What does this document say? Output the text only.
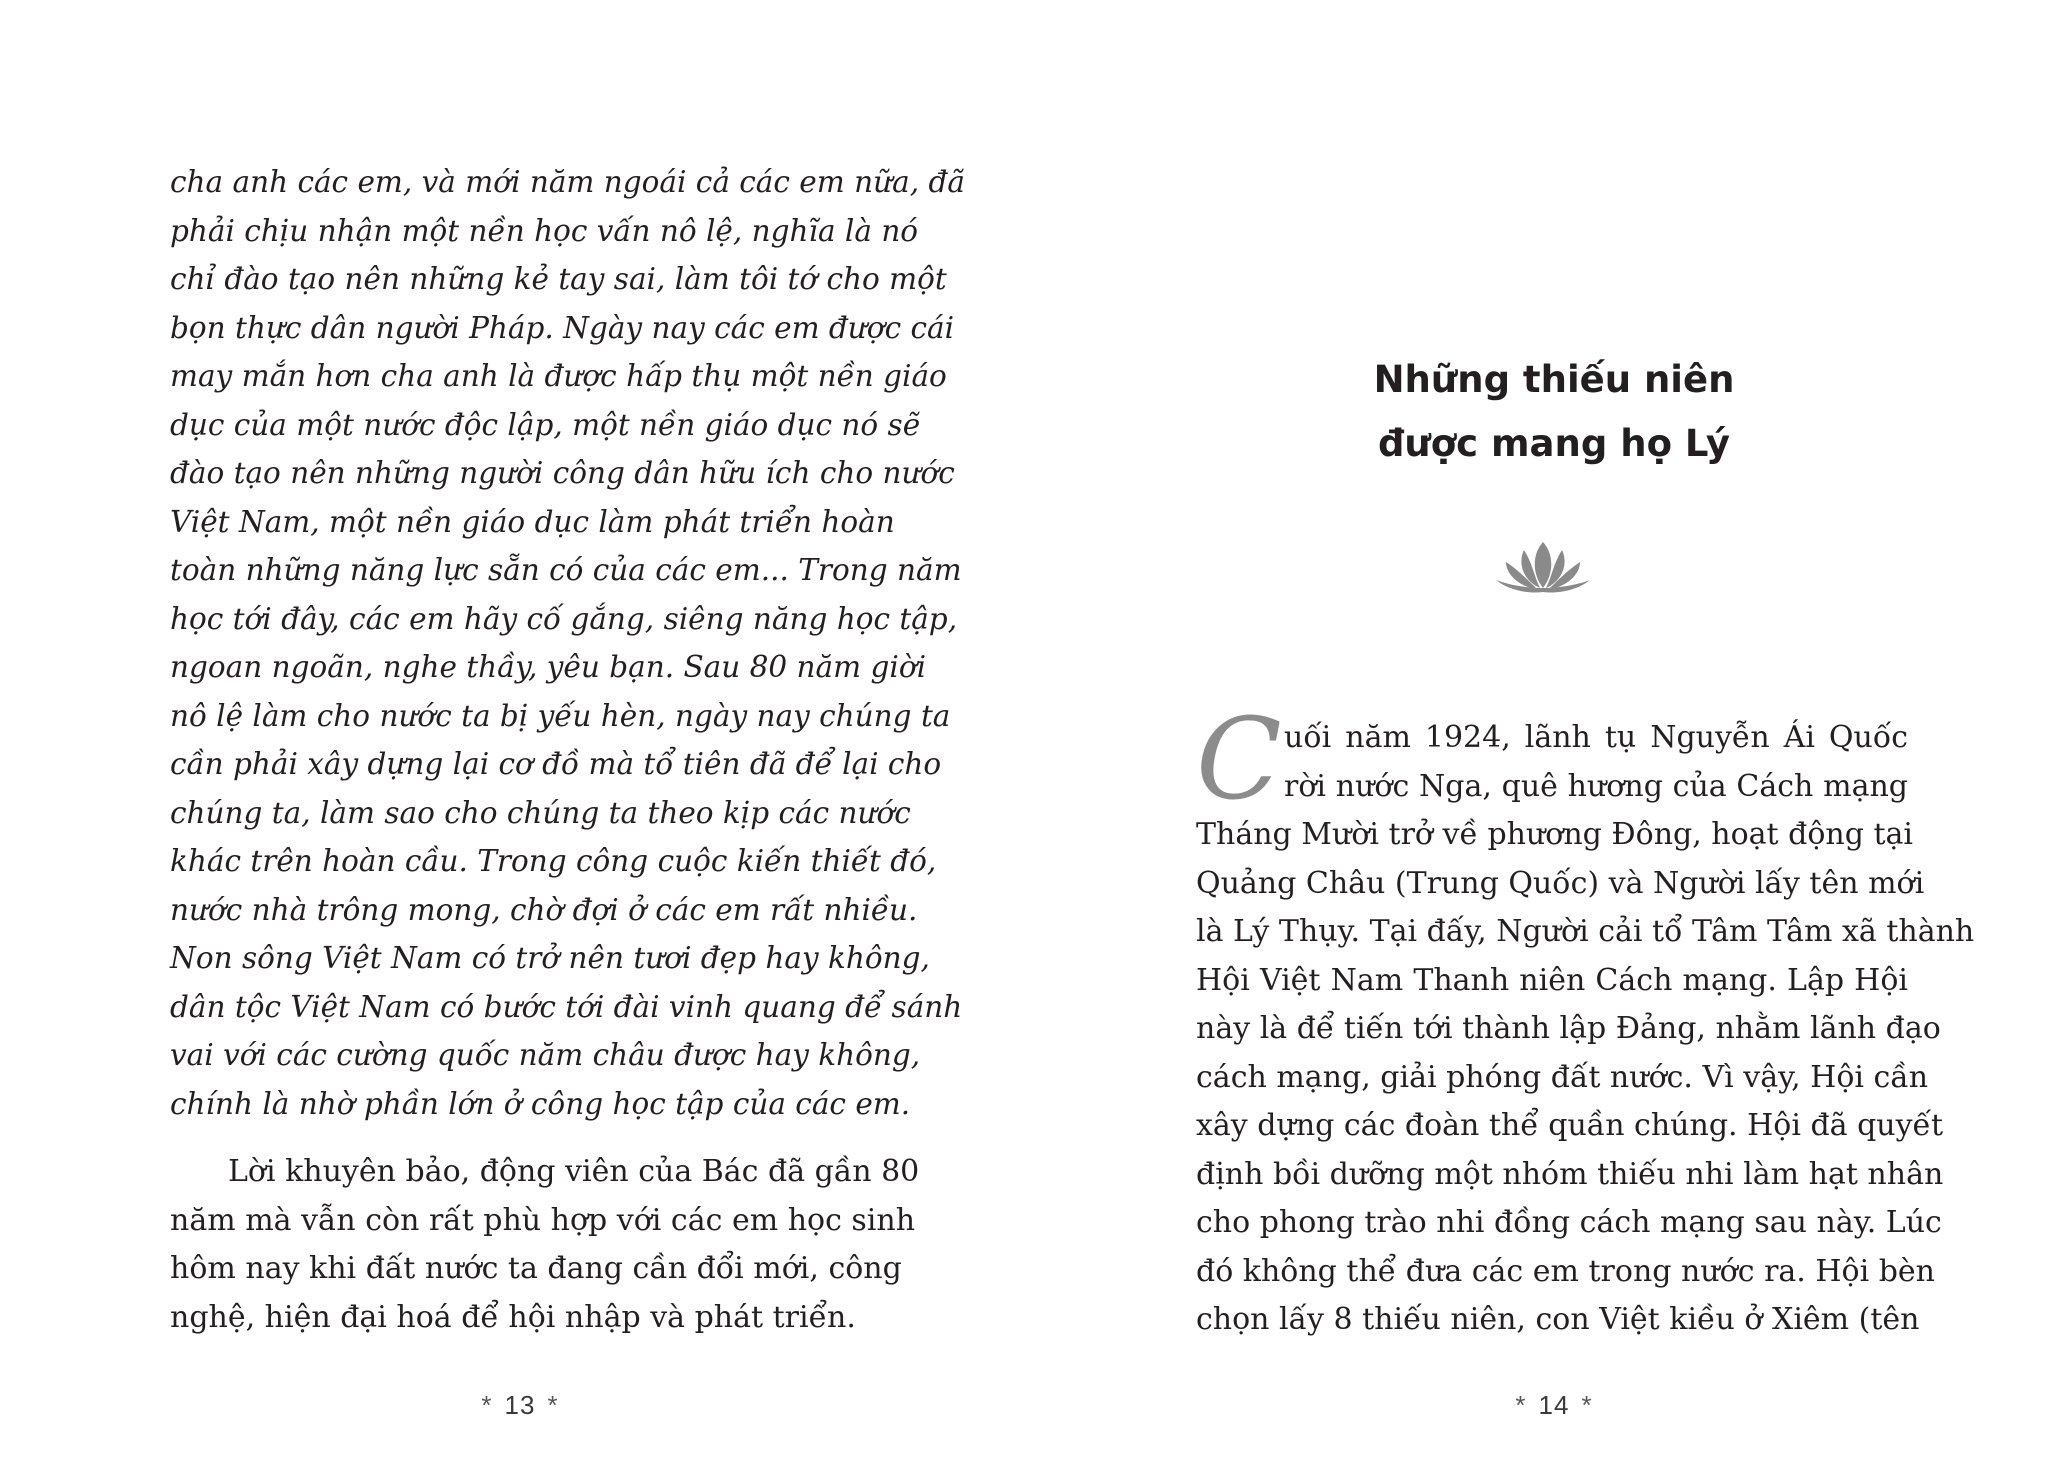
cha anh các em, và mới năm ngoái cả các em nữa, đã
phải chịu nhận một nền học vấn nô lệ, nghĩa là nó
chỉ đào tạo nên những kẻ tay sai, làm tôi tớ cho một
bọn thực dân người Pháp. Ngày nay các em được cái
may mắn hơn cha anh là được hấp thụ một nền giáo
dục của một nước độc lập, một nền giáo dục nó sẽ
đào tạo nên những người công dân hữu ích cho nước
Việt Nam, một nền giáo dục làm phát triển hoàn
toàn những năng lực sẵn có của các em... Trong năm
học tới đây, các em hãy cố gắng, siêng năng học tập,
ngoan ngoãn, nghe thầy, yêu bạn. Sau 80 năm giời
nô lệ làm cho nước ta bị yếu hèn, ngày nay chúng ta
cần phải xây dựng lại cơ đồ mà tổ tiên đã để lại cho
chúng ta, làm sao cho chúng ta theo kịp các nước
khác trên hoàn cầu. Trong công cuộc kiến thiết đó,
nước nhà trông mong, chờ đợi ở các em rất nhiều.
Non sông Việt Nam có trở nên tươi đẹp hay không,
dân tộc Việt Nam có bước tới đài vinh quang để sánh
vai với các cường quốc năm châu được hay không,
chính là nhờ phần lớn ở công học tập của các em.
Lời khuyên bảo, động viên của Bác đã gần 80
năm mà vẫn còn rất phù hợp với các em học sinh
hôm nay khi đất nước ta đang cần đổi mới, công
nghệ, hiện đại hoá để hội nhập và phát triển.
* 13 *
Những thiếu niên
được mang họ Lý
C uối năm 1924, lãnh tụ Nguyễn Ái Quốc
rời nước Nga, quê hương của Cách mạng
Tháng Mười trở về phương Đông, hoạt động tại
Quảng Châu (Trung Quốc) và Người lấy tên mới
là Lý Thụy. Tại đấy, Người cải tổ Tâm Tâm xã thành
Hội Việt Nam Thanh niên Cách mạng. Lập Hội
này là để tiến tới thành lập Đảng, nhằm lãnh đạo
cách mạng, giải phóng đất nước. Vì vậy, Hội cần
xây dựng các đoàn thể quần chúng. Hội đã quyết
định bồi dưỡng một nhóm thiếu nhi làm hạt nhân
cho phong trào nhi đồng cách mạng sau này. Lúc
đó không thể đưa các em trong nước ra. Hội bèn
chọn lấy 8 thiếu niên, con Việt kiều ở Xiêm (tên
* 14 *
